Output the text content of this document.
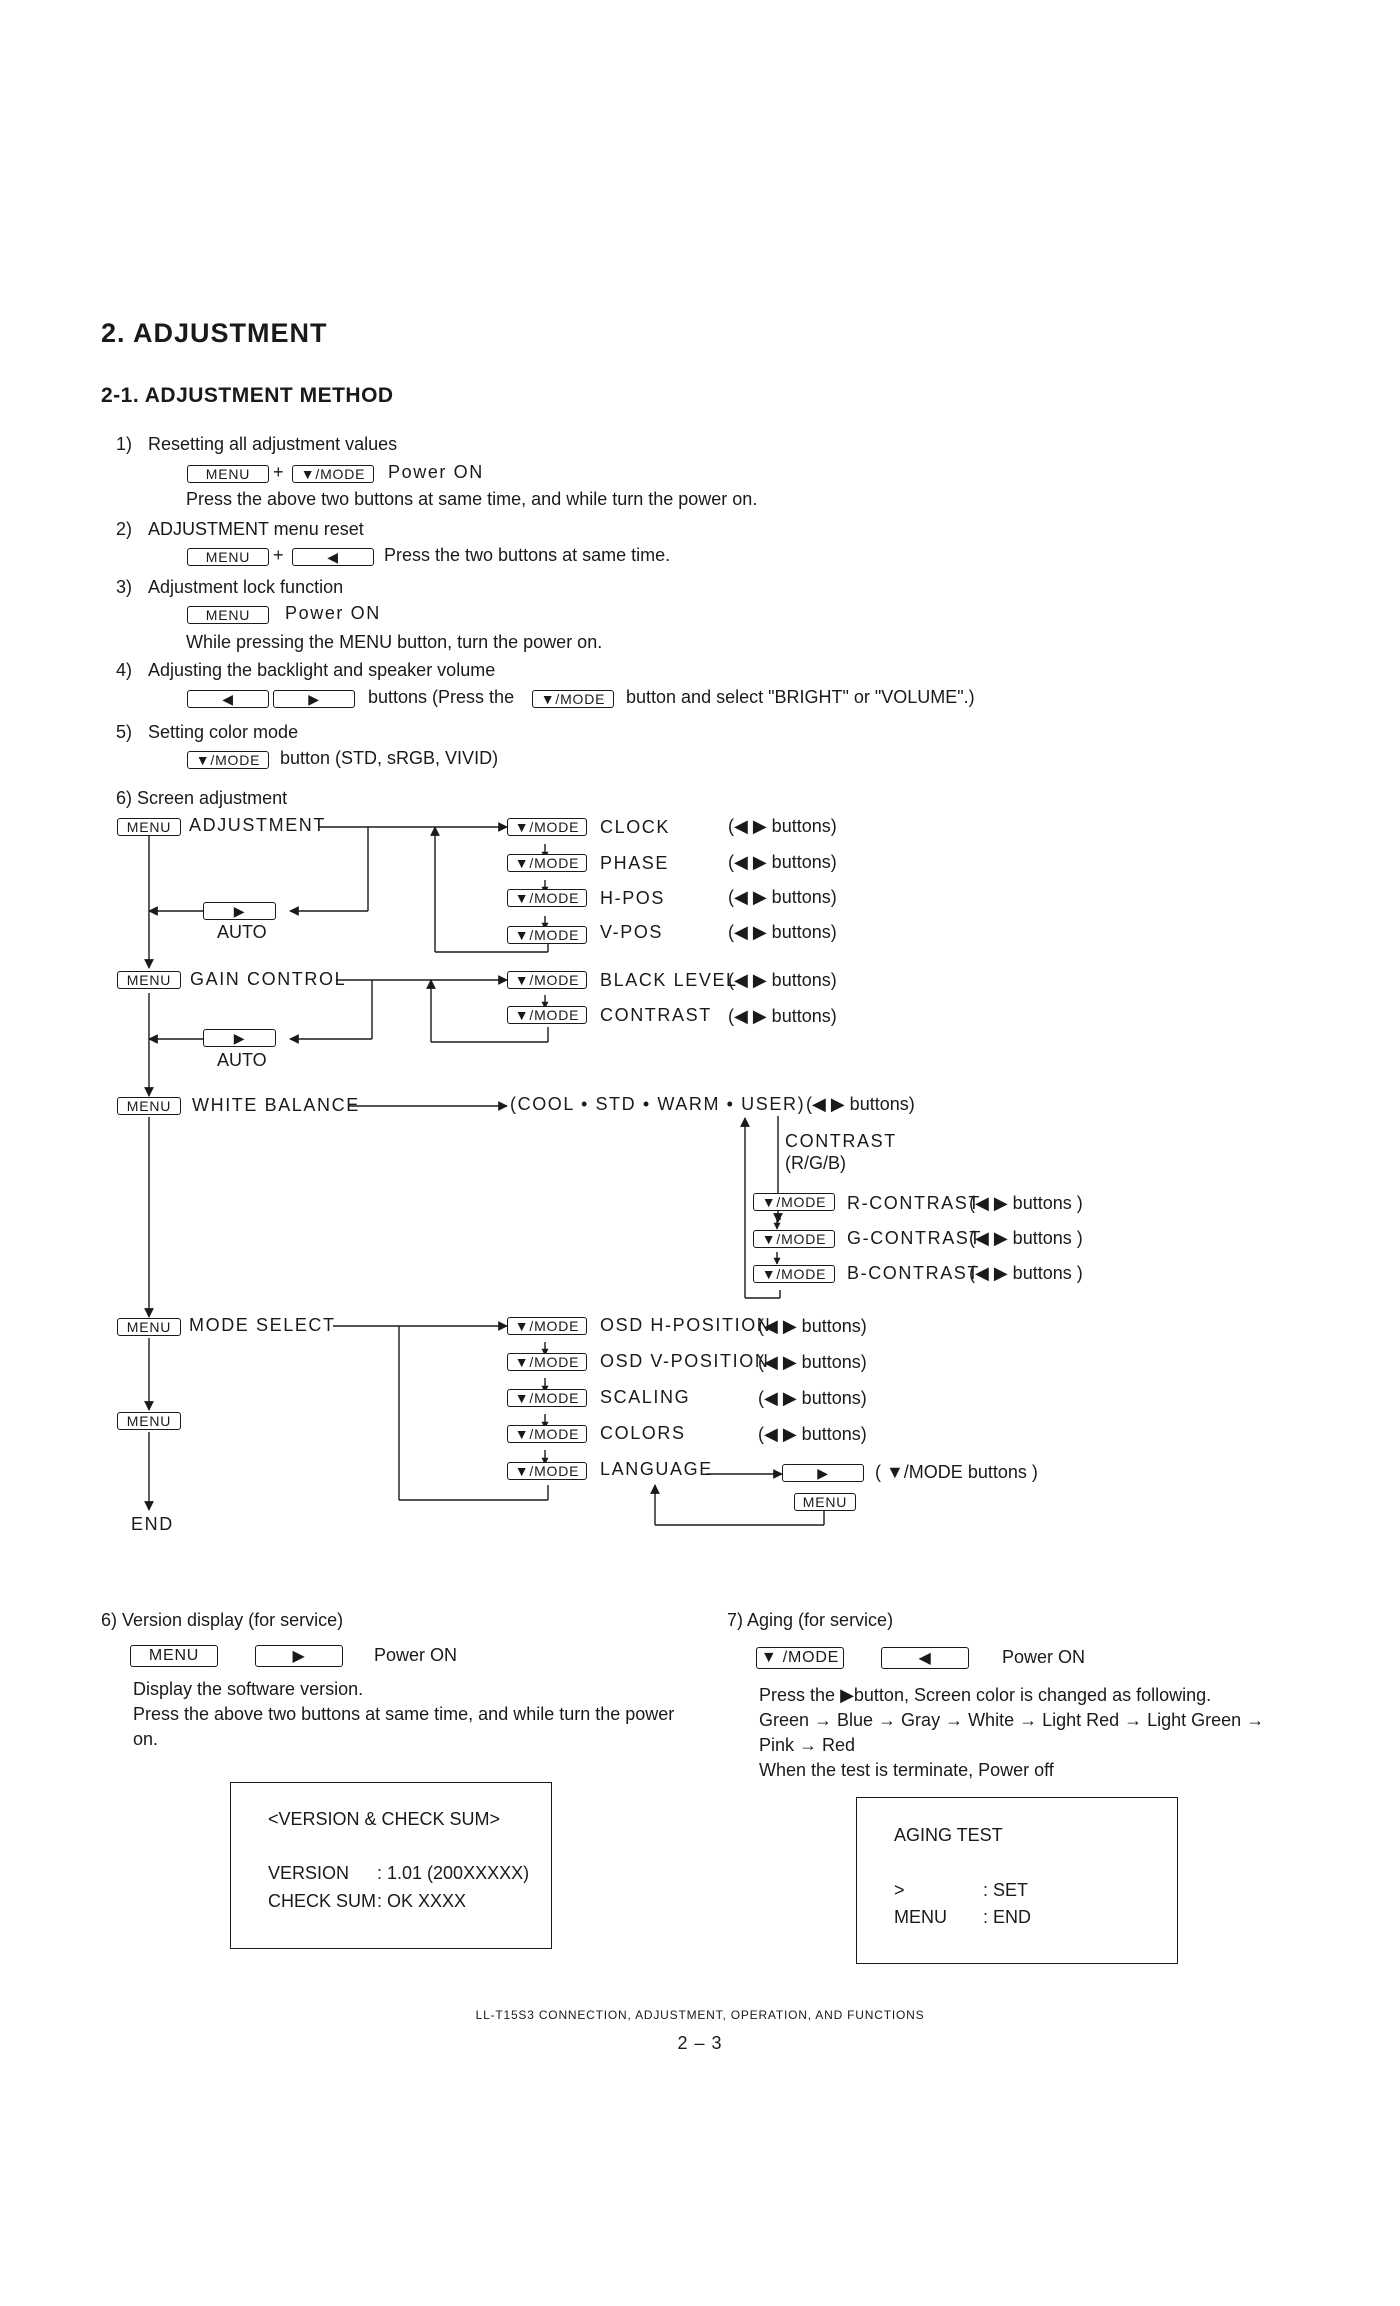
2. ADJUSTMENT
2-1. ADJUSTMENT METHOD
1) Resetting all adjustment values
MENU	+	▼/MODE	Power ON
Press the above two buttons at same time, and while turn the power on.
2) ADJUSTMENT menu reset
MENU	+	◀	Press the two buttons at same time.
3) Adjustment lock function
MENU	Power ON
While pressing the MENU button, turn the power on.
4) Adjusting the backlight and speaker volume
◀	▶	buttons (Press the	▼/MODE	button and select "BRIGHT" or "VOLUME".)
5) Setting color mode
▼/MODE	button (STD, sRGB, VIVID)
6) Screen adjustment
MENU ADJUSTMENT
▶
AUTO
MENU	GAIN CONTROL
▶
AUTO
MENU	WHITE BALANCE
MENU MODE SELECT
MENU
END
▼/MODE	CLOCK	(◀ ▶ buttons)
▼/MODE	PHASE	(◀ ▶ buttons)
▼/MODE	H-POS	(◀ ▶ buttons)
▼/MODE	V-POS	(◀ ▶ buttons)
▼/MODE	BLACK LEVEL
(◀ ▶ buttons)
▼/MODE	CONTRAST (◀ ▶ buttons)
(COOL • STD • WARM • USER) (◀ ▶ buttons)
CONTRAST
(R/G/B)
▼/MODE	R-CONTRAST
(◀ ▶ buttons )
▼/MODE	G-CONTRAST
(◀ ▶ buttons )
▼/MODE	B-CONTRAST
(◀ ▶ buttons )
▼/MODE	OSD H-POSITION
(◀ ▶ buttons)
▼/MODE	OSD V-POSITION
(◀ ▶ buttons)
▼/MODE	SCALING	(◀ ▶ buttons)
▼/MODE	COLORS	(◀ ▶ buttons)
▼/MODE	LANGUAGE	▶	( ▼/MODE buttons )
MENU
6) Version display (for service)
MENU	▶	Power ON
Display the software version.
Press the above two buttons at same time, and while turn the power
on.
<VERSION & CHECK SUM>
VERSION : 1.01 (200XXXXX)
CHECK SUM : OK XXXX
7) Aging (for service)
▼ /MODE	◀	Power ON
Press the ▶button, Screen color is changed as following.
Green → Blue → Gray → White → Light Red → Light Green →
Pink → Red
When the test is terminate, Power off
AGING TEST
>	: SET
MENU : END
LL-T15S3 CONNECTION, ADJUSTMENT, OPERATION, AND FUNCTIONS
2 – 3
